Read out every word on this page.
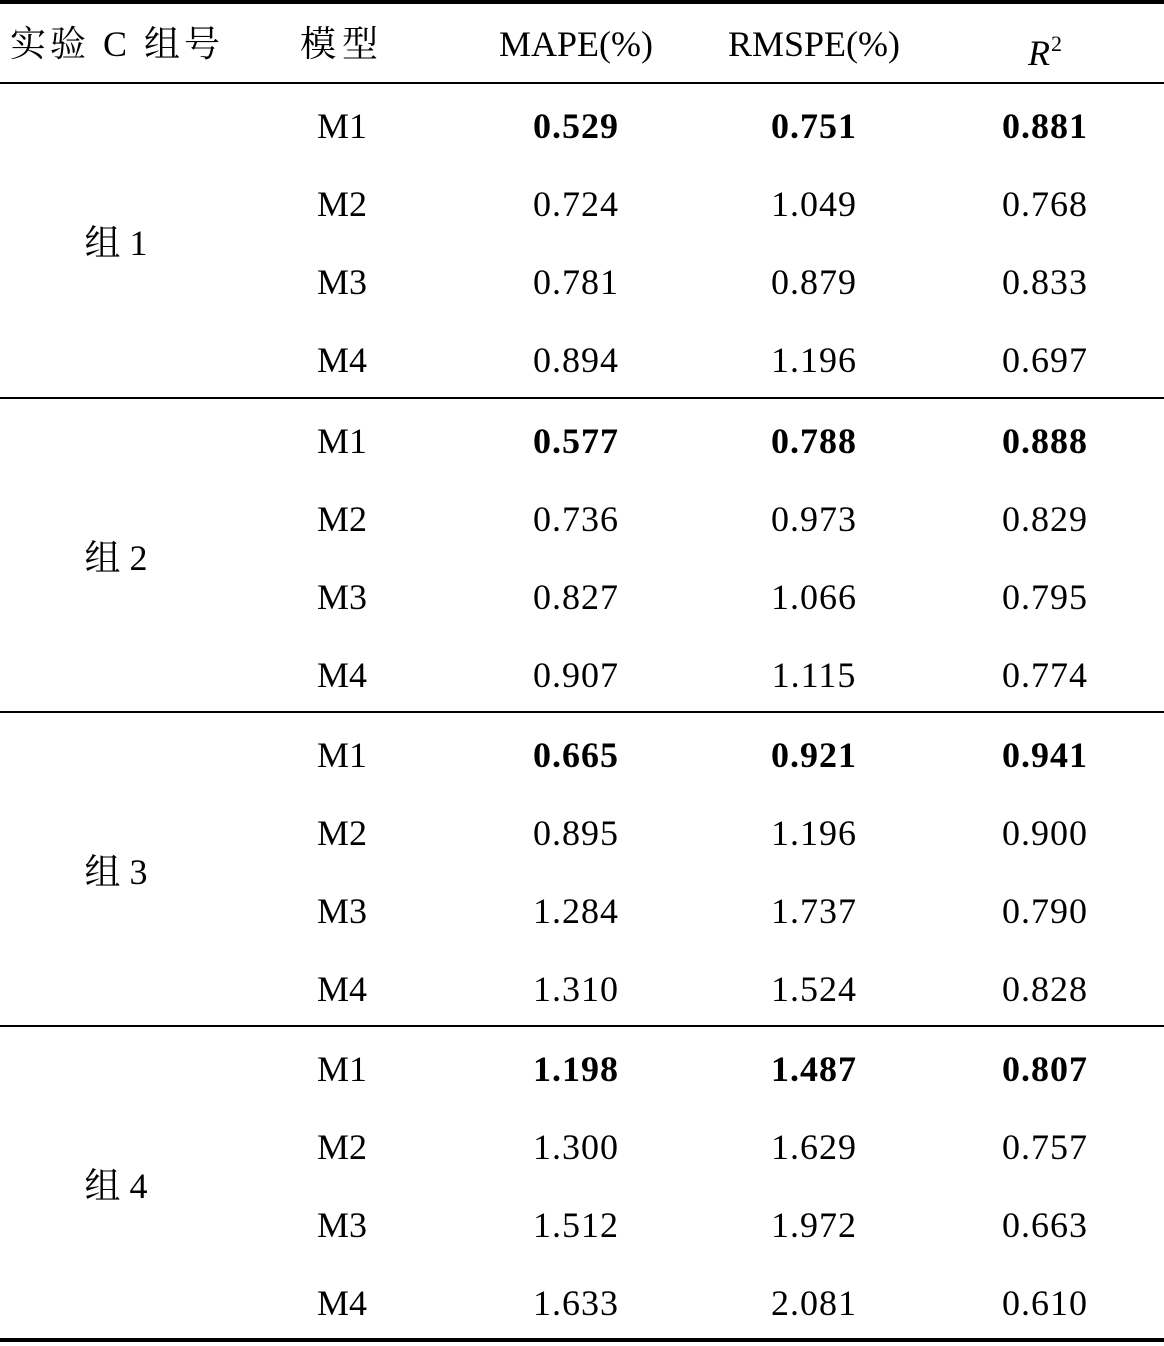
实验 C 组号	模型	MAPE(%)	RMSPE(%)	$R^2$
组 1
M1	0.529	0.751	0.881
M2	0.724	1.049	0.768
M3	0.781	0.879	0.833
M4	0.894	1.196	0.697
组 2
M1	0.577	0.788	0.888
M2	0.736	0.973	0.829
M3	0.827	1.066	0.795
M4	0.907	1.115	0.774
组 3
M1	0.665	0.921	0.941
M2	0.895	1.196	0.900
M3	1.284	1.737	0.790
M4	1.310	1.524	0.828
组 4
M1	1.198	1.487	0.807
M2	1.300	1.629	0.757
M3	1.512	1.972	0.663
M4	1.633	2.081	0.610
